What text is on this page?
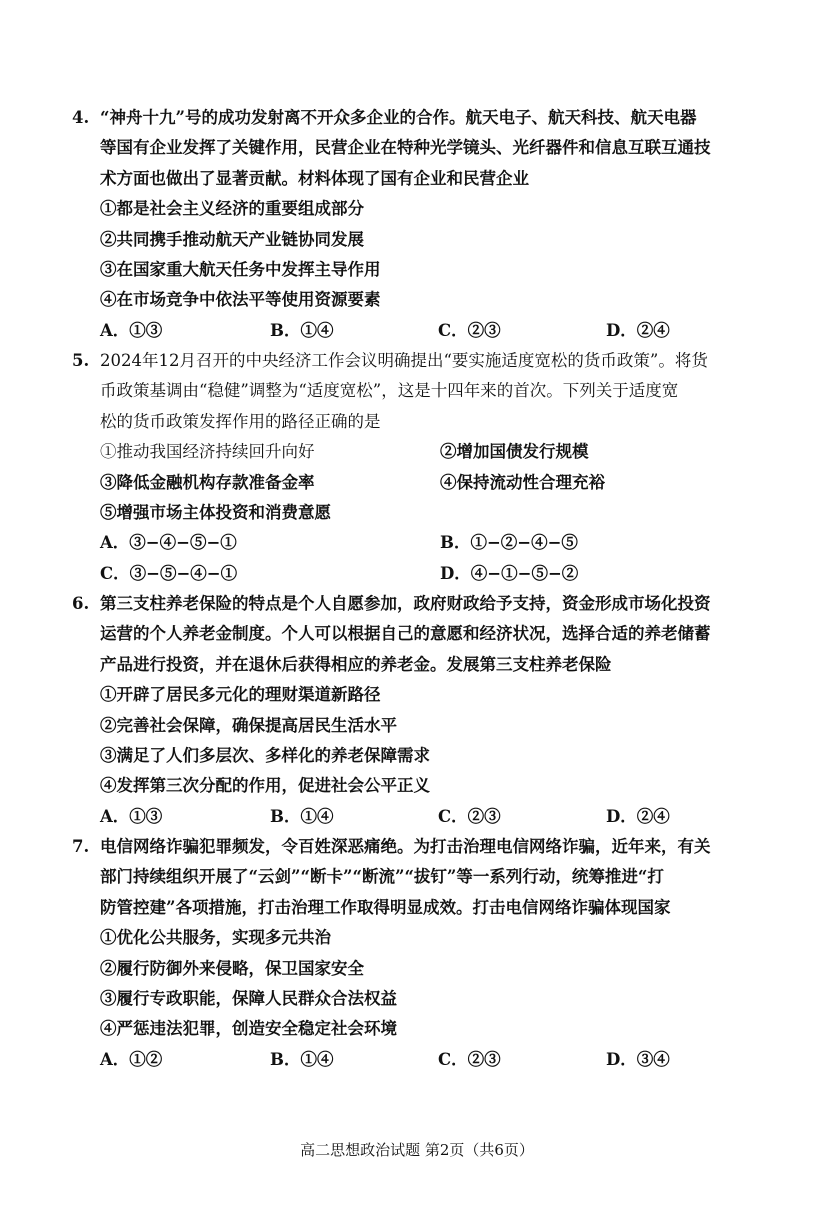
4. “神舟十九”号的成功发射离不开众多企业的合作。航天电子、航天科技、航天电器
等国有企业发挥了关键作用，民营企业在特种光学镜头、光纤器件和信息互联互通技
术方面也做出了显著贡献。材料体现了国有企业和民营企业
①都是社会主义经济的重要组成部分
②共同携手推动航天产业链协同发展
③在国家重大航天任务中发挥主导作用
④在市场竞争中依法平等使用资源要素
A．①③	B．①④	C．②③	D．②④
5. 2024年12月召开的中央经济工作会议明确提出“要实施适度宽松的货币政策”。将货
币政策基调由“稳健”调整为“适度宽松”，这是十四年来的首次。下列关于适度宽
松的货币政策发挥作用的路径正确的是
①推动我国经济持续回升向好	②增加国债发行规模
③降低金融机构存款准备金率	④保持流动性合理充裕
⑤增强市场主体投资和消费意愿
A．③−④−⑤−①	B．①−②−④−⑤
C．③−⑤−④−①	D．④−①−⑤−②
6. 第三支柱养老保险的特点是个人自愿参加，政府财政给予支持，资金形成市场化投资
运营的个人养老金制度。个人可以根据自己的意愿和经济状况，选择合适的养老储蓄
产品进行投资，并在退休后获得相应的养老金。发展第三支柱养老保险
①开辟了居民多元化的理财渠道新路径
②完善社会保障，确保提高居民生活水平
③满足了人们多层次、多样化的养老保障需求
④发挥第三次分配的作用，促进社会公平正义
A．①③	B．①④	C．②③	D．②④
7. 电信网络诈骗犯罪频发，令百姓深恶痛绝。为打击治理电信网络诈骗，近年来，有关
部门持续组织开展了“云剑”“断卡”“断流”“拔钉”等一系列行动，统筹推进“打
防管控建”各项措施，打击治理工作取得明显成效。打击电信网络诈骗体现国家
①优化公共服务，实现多元共治
②履行防御外来侵略，保卫国家安全
③履行专政职能，保障人民群众合法权益
④严惩违法犯罪，创造安全稳定社会环境
A．①②	B．①④	C．②③	D．③④
高二思想政治试题 第2页（共6页）
